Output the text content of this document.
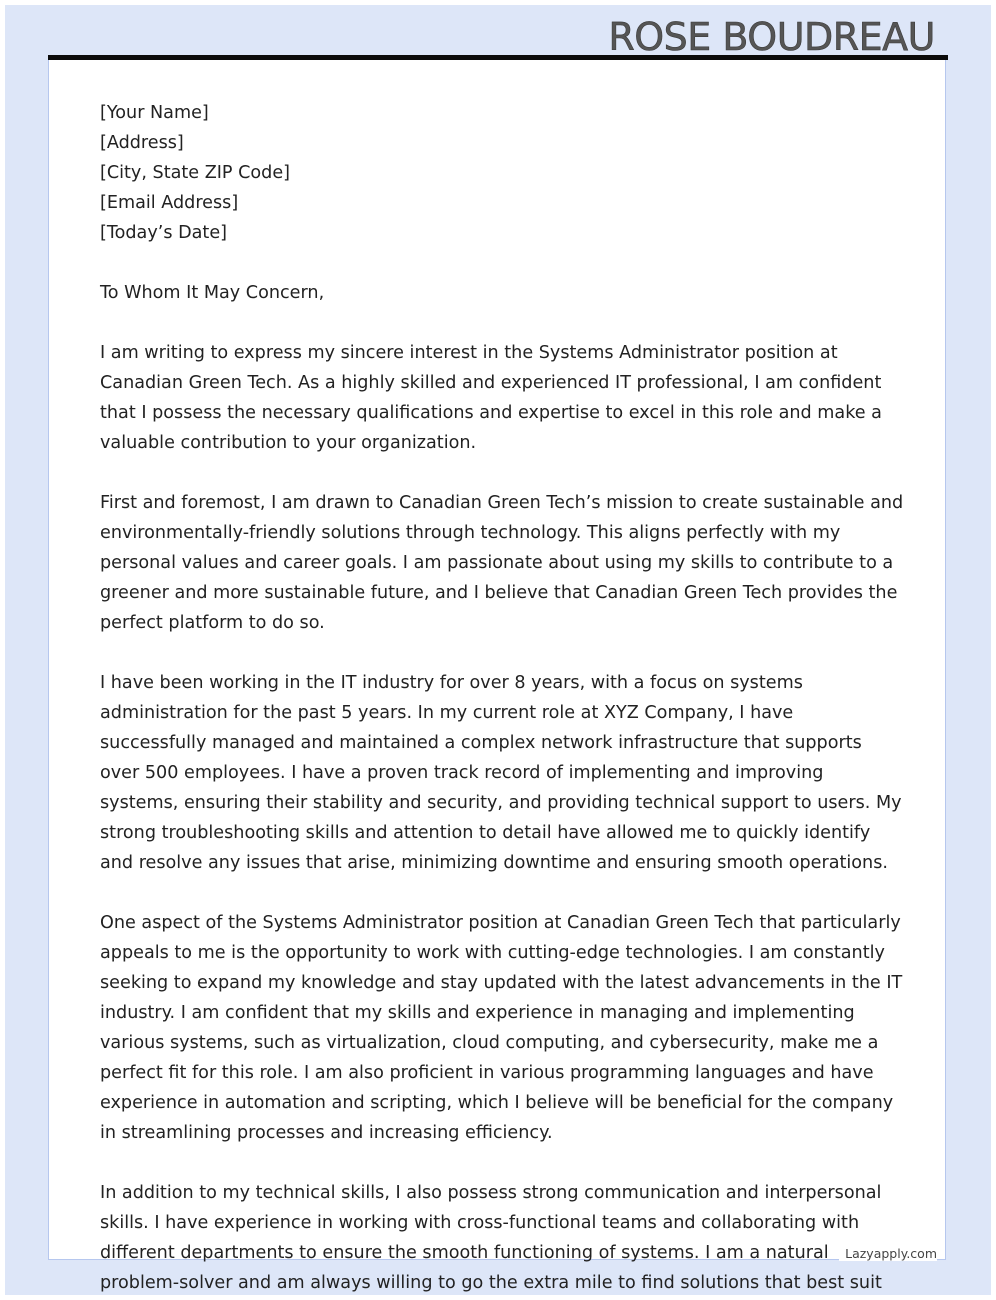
ROSE BOUDREAU
[Your Name]
[Address]
[City, State ZIP Code]
[Email Address]
[Today’s Date]

To Whom It May Concern,

I am writing to express my sincere interest in the Systems Administrator position at Canadian Green Tech. As a highly skilled and experienced IT professional, I am confident that I possess the necessary qualifications and expertise to excel in this role and make a valuable contribution to your organization.

First and foremost, I am drawn to Canadian Green Tech’s mission to create sustainable and environmentally-friendly solutions through technology. This aligns perfectly with my personal values and career goals. I am passionate about using my skills to contribute to a greener and more sustainable future, and I believe that Canadian Green Tech provides the perfect platform to do so.

I have been working in the IT industry for over 8 years, with a focus on systems administration for the past 5 years. In my current role at XYZ Company, I have successfully managed and maintained a complex network infrastructure that supports over 500 employees. I have a proven track record of implementing and improving systems, ensuring their stability and security, and providing technical support to users. My strong troubleshooting skills and attention to detail have allowed me to quickly identify and resolve any issues that arise, minimizing downtime and ensuring smooth operations.

One aspect of the Systems Administrator position at Canadian Green Tech that particularly appeals to me is the opportunity to work with cutting-edge technologies. I am constantly seeking to expand my knowledge and stay updated with the latest advancements in the IT industry. I am confident that my skills and experience in managing and implementing various systems, such as virtualization, cloud computing, and cybersecurity, make me a perfect fit for this role. I am also proficient in various programming languages and have experience in automation and scripting, which I believe will be beneficial for the company in streamlining processes and increasing efficiency.

In addition to my technical skills, I also possess strong communication and interpersonal skills. I have experience in working with cross-functional teams and collaborating with different departments to ensure the smooth functioning of systems. I am a natural problem-solver and am always willing to go the extra mile to find solutions that best suit

Lazyapply.com
